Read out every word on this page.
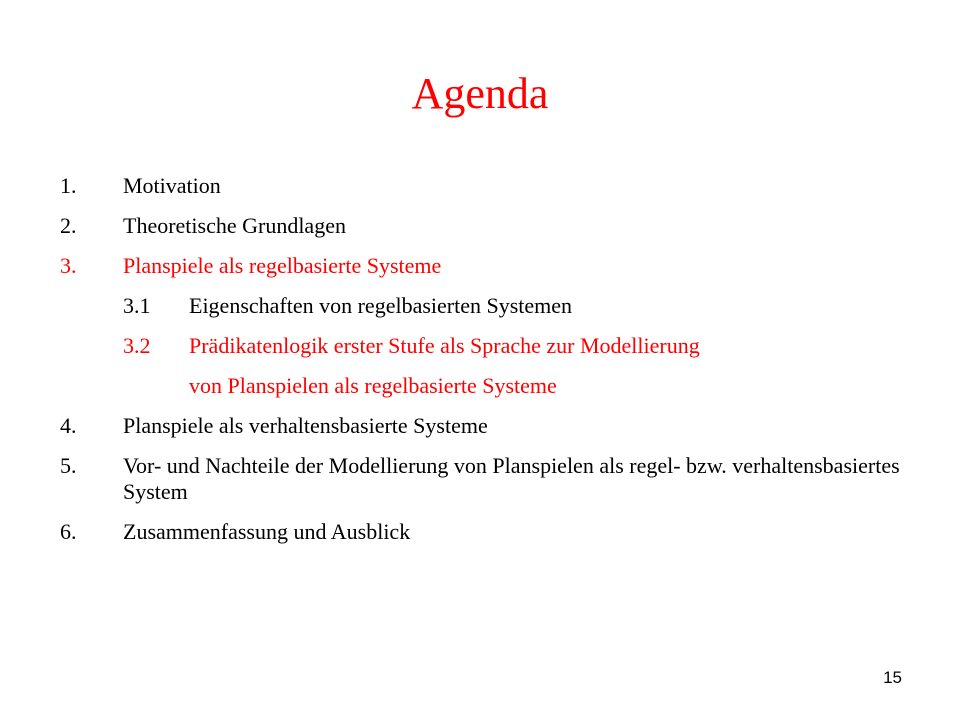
Agenda
1.	Motivation
2.	Theoretische Grundlagen
3.	Planspiele als regelbasierte Systeme
3.1	Eigenschaften von regelbasierten Systemen
3.2	Prädikatenlogik erster Stufe als Sprache zur Modellierung
von Planspielen als regelbasierte Systeme
4.	Planspiele als verhaltensbasierte Systeme
5.	Vor- und Nachteile der Modellierung von Planspielen als regel- bzw. verhaltensbasiertes System
6.	Zusammenfassung und Ausblick
15
